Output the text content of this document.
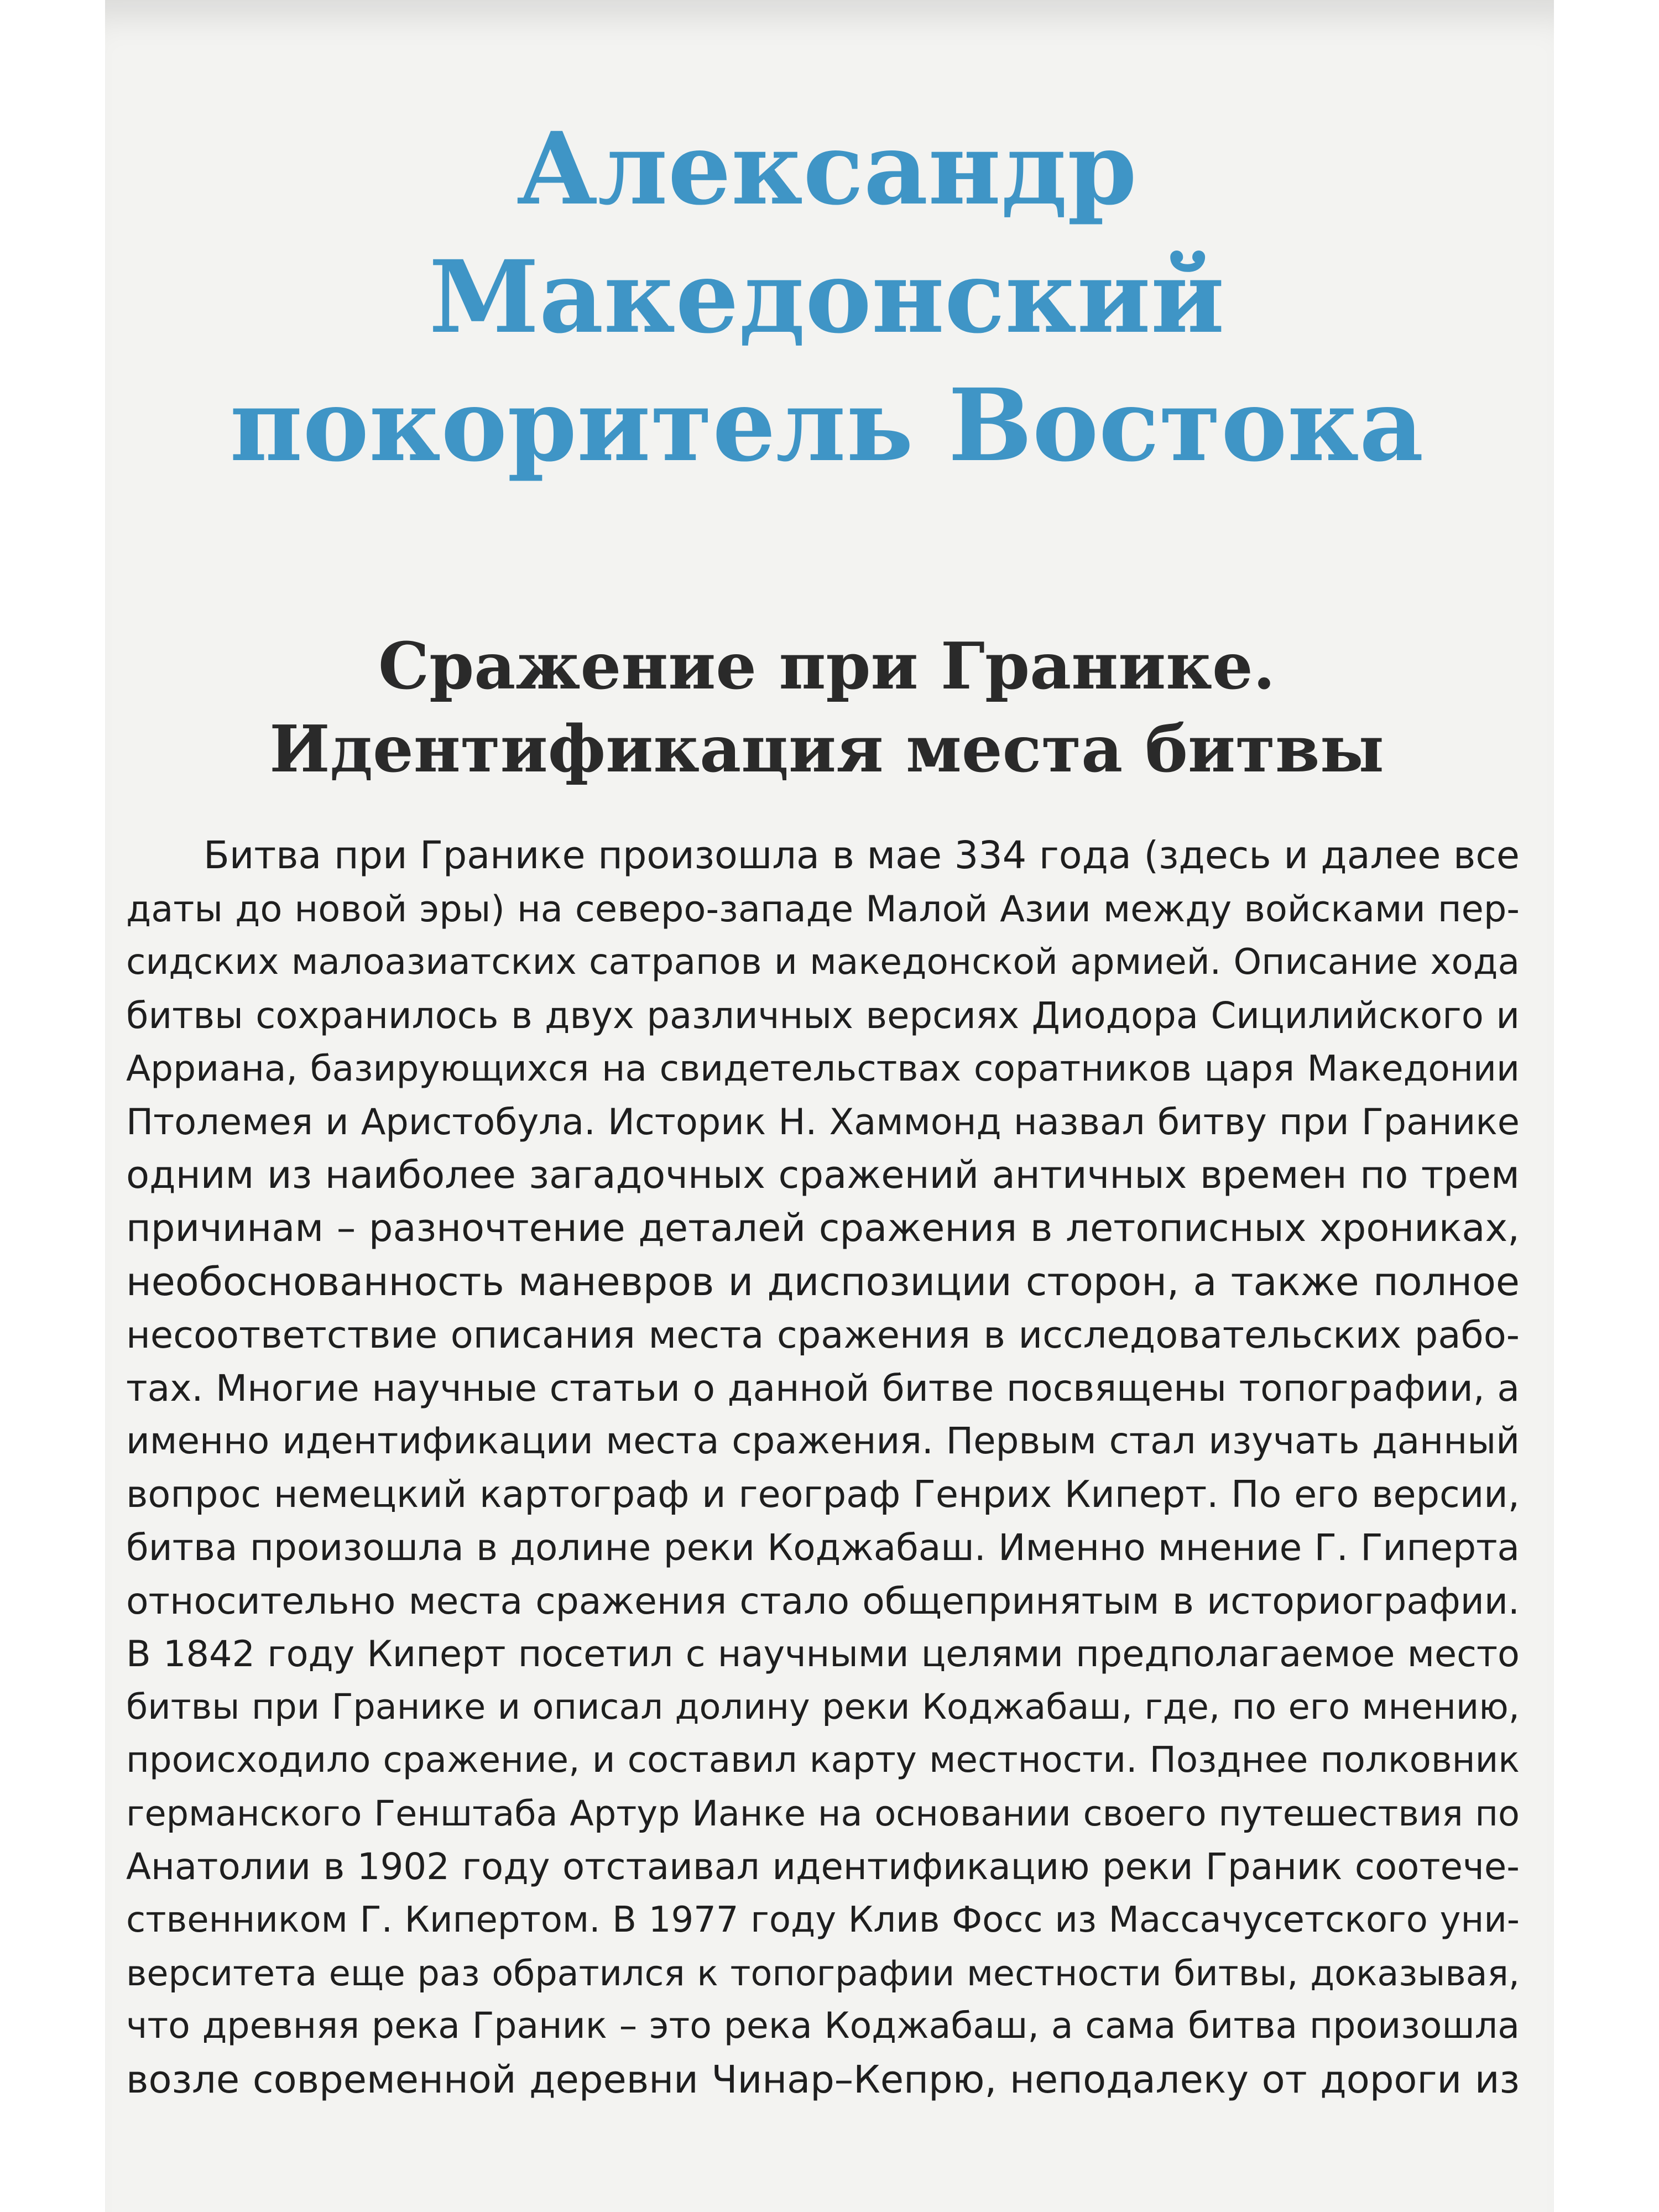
Александр Македонский
покоритель Востока
Сражение при Гранике.
Идентификация места битвы
Битва при Гранике произошла в мае 334 года (здесь и далее все
даты до новой эры) на северо-западе Малой Азии между войсками пер-
сидских малоазиатских сатрапов и македонской армией. Описание хода
битвы сохранилось в двух различных версиях Диодора Сицилийского и
Арриана, базирующихся на свидетельствах соратников царя Македонии
Птолемея и Аристобула. Историк Н. Хаммонд назвал битву при Гранике
одним из наиболее загадочных сражений античных времен по трем
причинам – разночтение деталей сражения в летописных хрониках,
необоснованность маневров и диспозиции сторон, а также полное
несоответствие описания места сражения в исследовательских рабо-
тах. Многие научные статьи о данной битве посвящены топографии, а
именно идентификации места сражения. Первым стал изучать данный
вопрос немецкий картограф и географ Генрих Киперт. По его версии,
битва произошла в долине реки Коджабаш. Именно мнение Г. Гиперта
относительно места сражения стало общепринятым в историографии.
В 1842 году Киперт посетил с научными целями предполагаемое место
битвы при Гранике и описал долину реки Коджабаш, где, по его мнению,
происходило сражение, и составил карту местности. Позднее полковник
германского Генштаба Артур Ианке на основании своего путешествия по
Анатолии в 1902 году отстаивал идентификацию реки Граник соотече-
ственником Г. Кипертом. В 1977 году Клив Фосс из Массачусетского уни-
верситета еще раз обратился к топографии местности битвы, доказывая,
что древняя река Граник – это река Коджабаш, а сама битва произошла
возле современной деревни Чинар–Кепрю, неподалеку от дороги из
